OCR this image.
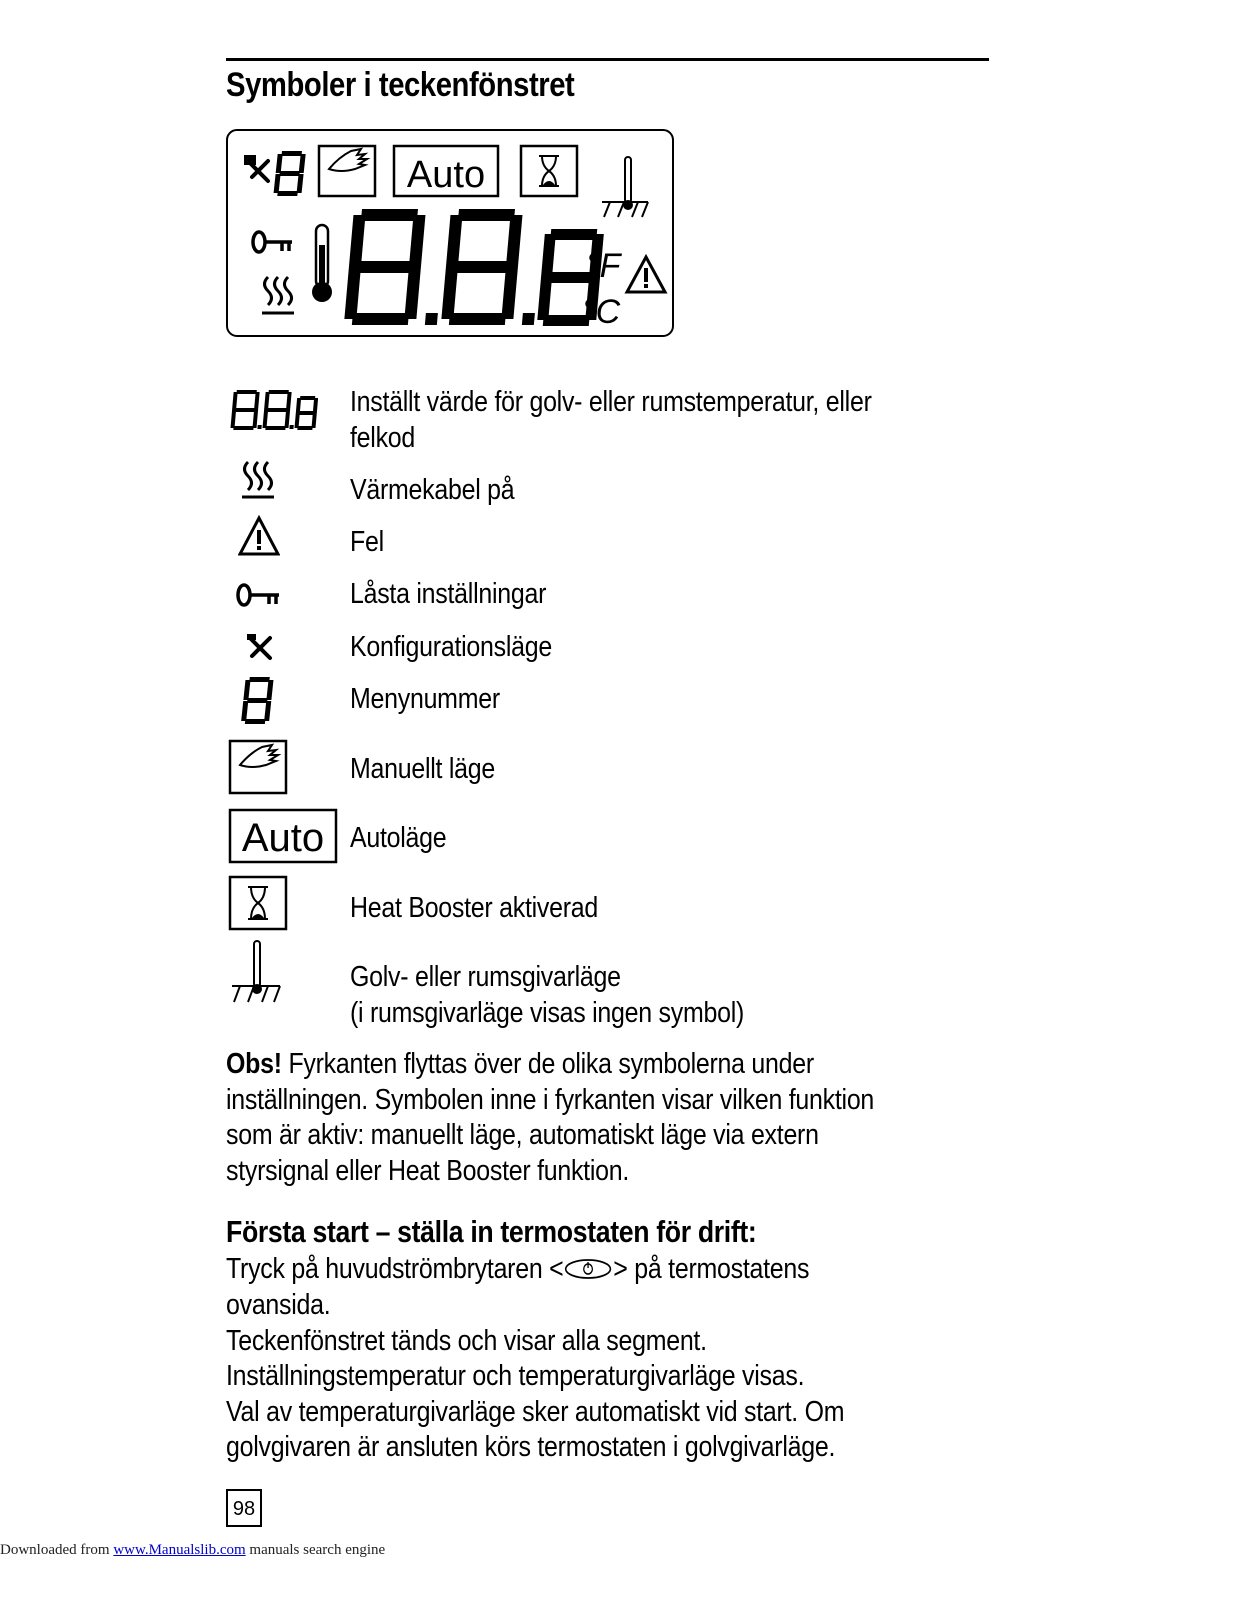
Symboler i teckenfönstret
Auto
°F
°C
Inställt värde för golv- eller rumstemperatur, eller
felkod
Värmekabel på
Fel
Låsta inställningar
Konfigurationsläge
Menynummer
Manuellt läge
Auto Autoläge
Heat Booster aktiverad
Golv- eller rumsgivarläge
(i rumsgivarläge visas ingen symbol)
Obs! Fyrkanten flyttas över de olika symbolerna under
inställningen. Symbolen inne i fyrkanten visar vilken funktion
som är aktiv: manuellt läge, automatiskt läge via extern
styrsignal eller Heat Booster funktion.
Första start – ställa in termostaten för drift:
Tryck på huvudströmbrytaren < > på termostatens
ovansida.
Teckenfönstret tänds och visar alla segment.
Inställningstemperatur och temperaturgivarläge visas.
Val av temperaturgivarläge sker automatiskt vid start. Om
golvgivaren är ansluten körs termostaten i golvgivarläge.
98
Downloaded from www.Manualslib.com manuals search engine
